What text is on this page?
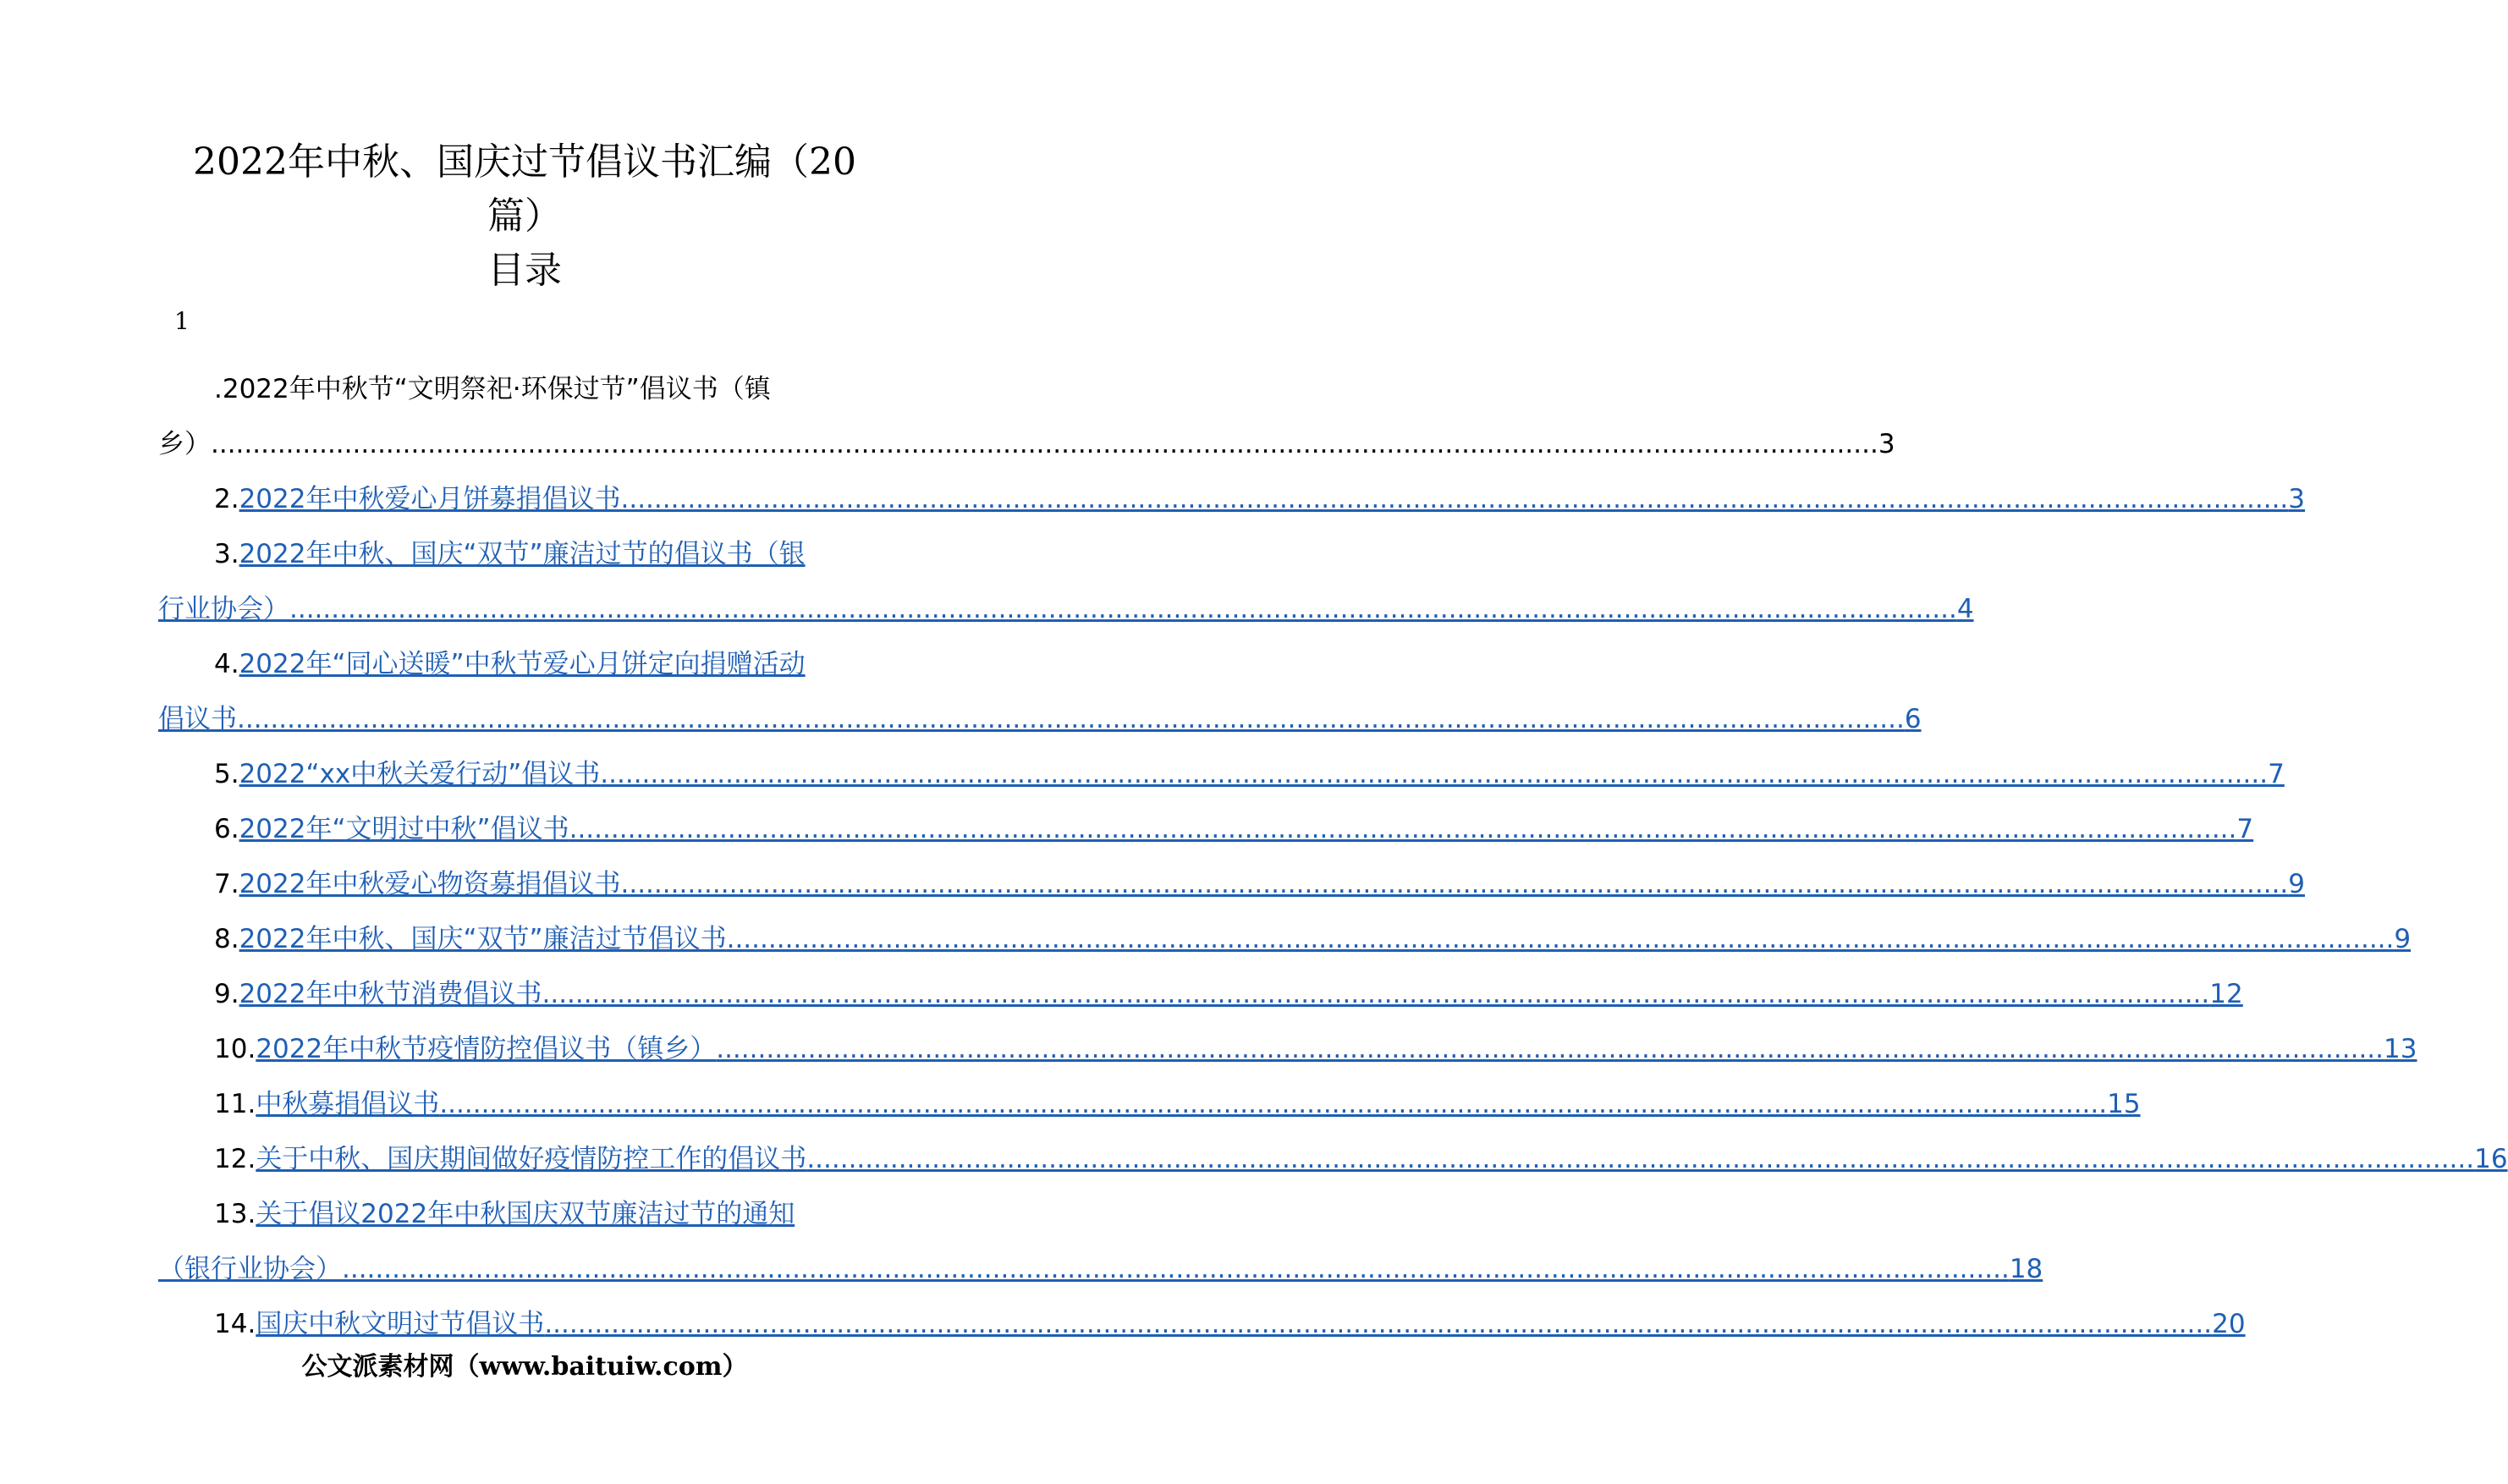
2022年中秋、国庆过节倡议书汇编（20
篇）
目录
1
. 2022年中秋节“文明祭祀·环保过节”倡议书（镇
乡） ........................................................................................................................................................................................................ 3
2. 2022年中秋爱心月饼募捐倡议书 ........................................................................................................................................................................................................ 3
3. 2022年中秋、国庆“双节”廉洁过节的倡议书（银
行业协会） ........................................................................................................................................................................................................ 4
4. 2022年“同心送暖”中秋节爱心月饼定向捐赠活动
倡议书 ........................................................................................................................................................................................................ 6
5. 2022“xx中秋关爱行动”倡议书 ........................................................................................................................................................................................................ 7
6. 2022年“文明过中秋”倡议书 ........................................................................................................................................................................................................ 7
7. 2022年中秋爱心物资募捐倡议书 ........................................................................................................................................................................................................ 9
8. 2022年中秋、国庆“双节”廉洁过节倡议书 ........................................................................................................................................................................................................ 9
9. 2022年中秋节消费倡议书 ........................................................................................................................................................................................................ 12
10. 2022年中秋节疫情防控倡议书（镇乡） ........................................................................................................................................................................................................ 13
11. 中秋募捐倡议书 ........................................................................................................................................................................................................ 15
12. 关于中秋、国庆期间做好疫情防控工作的倡议书 ........................................................................................................................................................................................................ 16
13. 关于倡议2022年中秋国庆双节廉洁过节的通知
（银行业协会） ........................................................................................................................................................................................................ 18
14. 国庆中秋文明过节倡议书 ........................................................................................................................................................................................................ 20
公文派素材网（www.baituiw.com）
